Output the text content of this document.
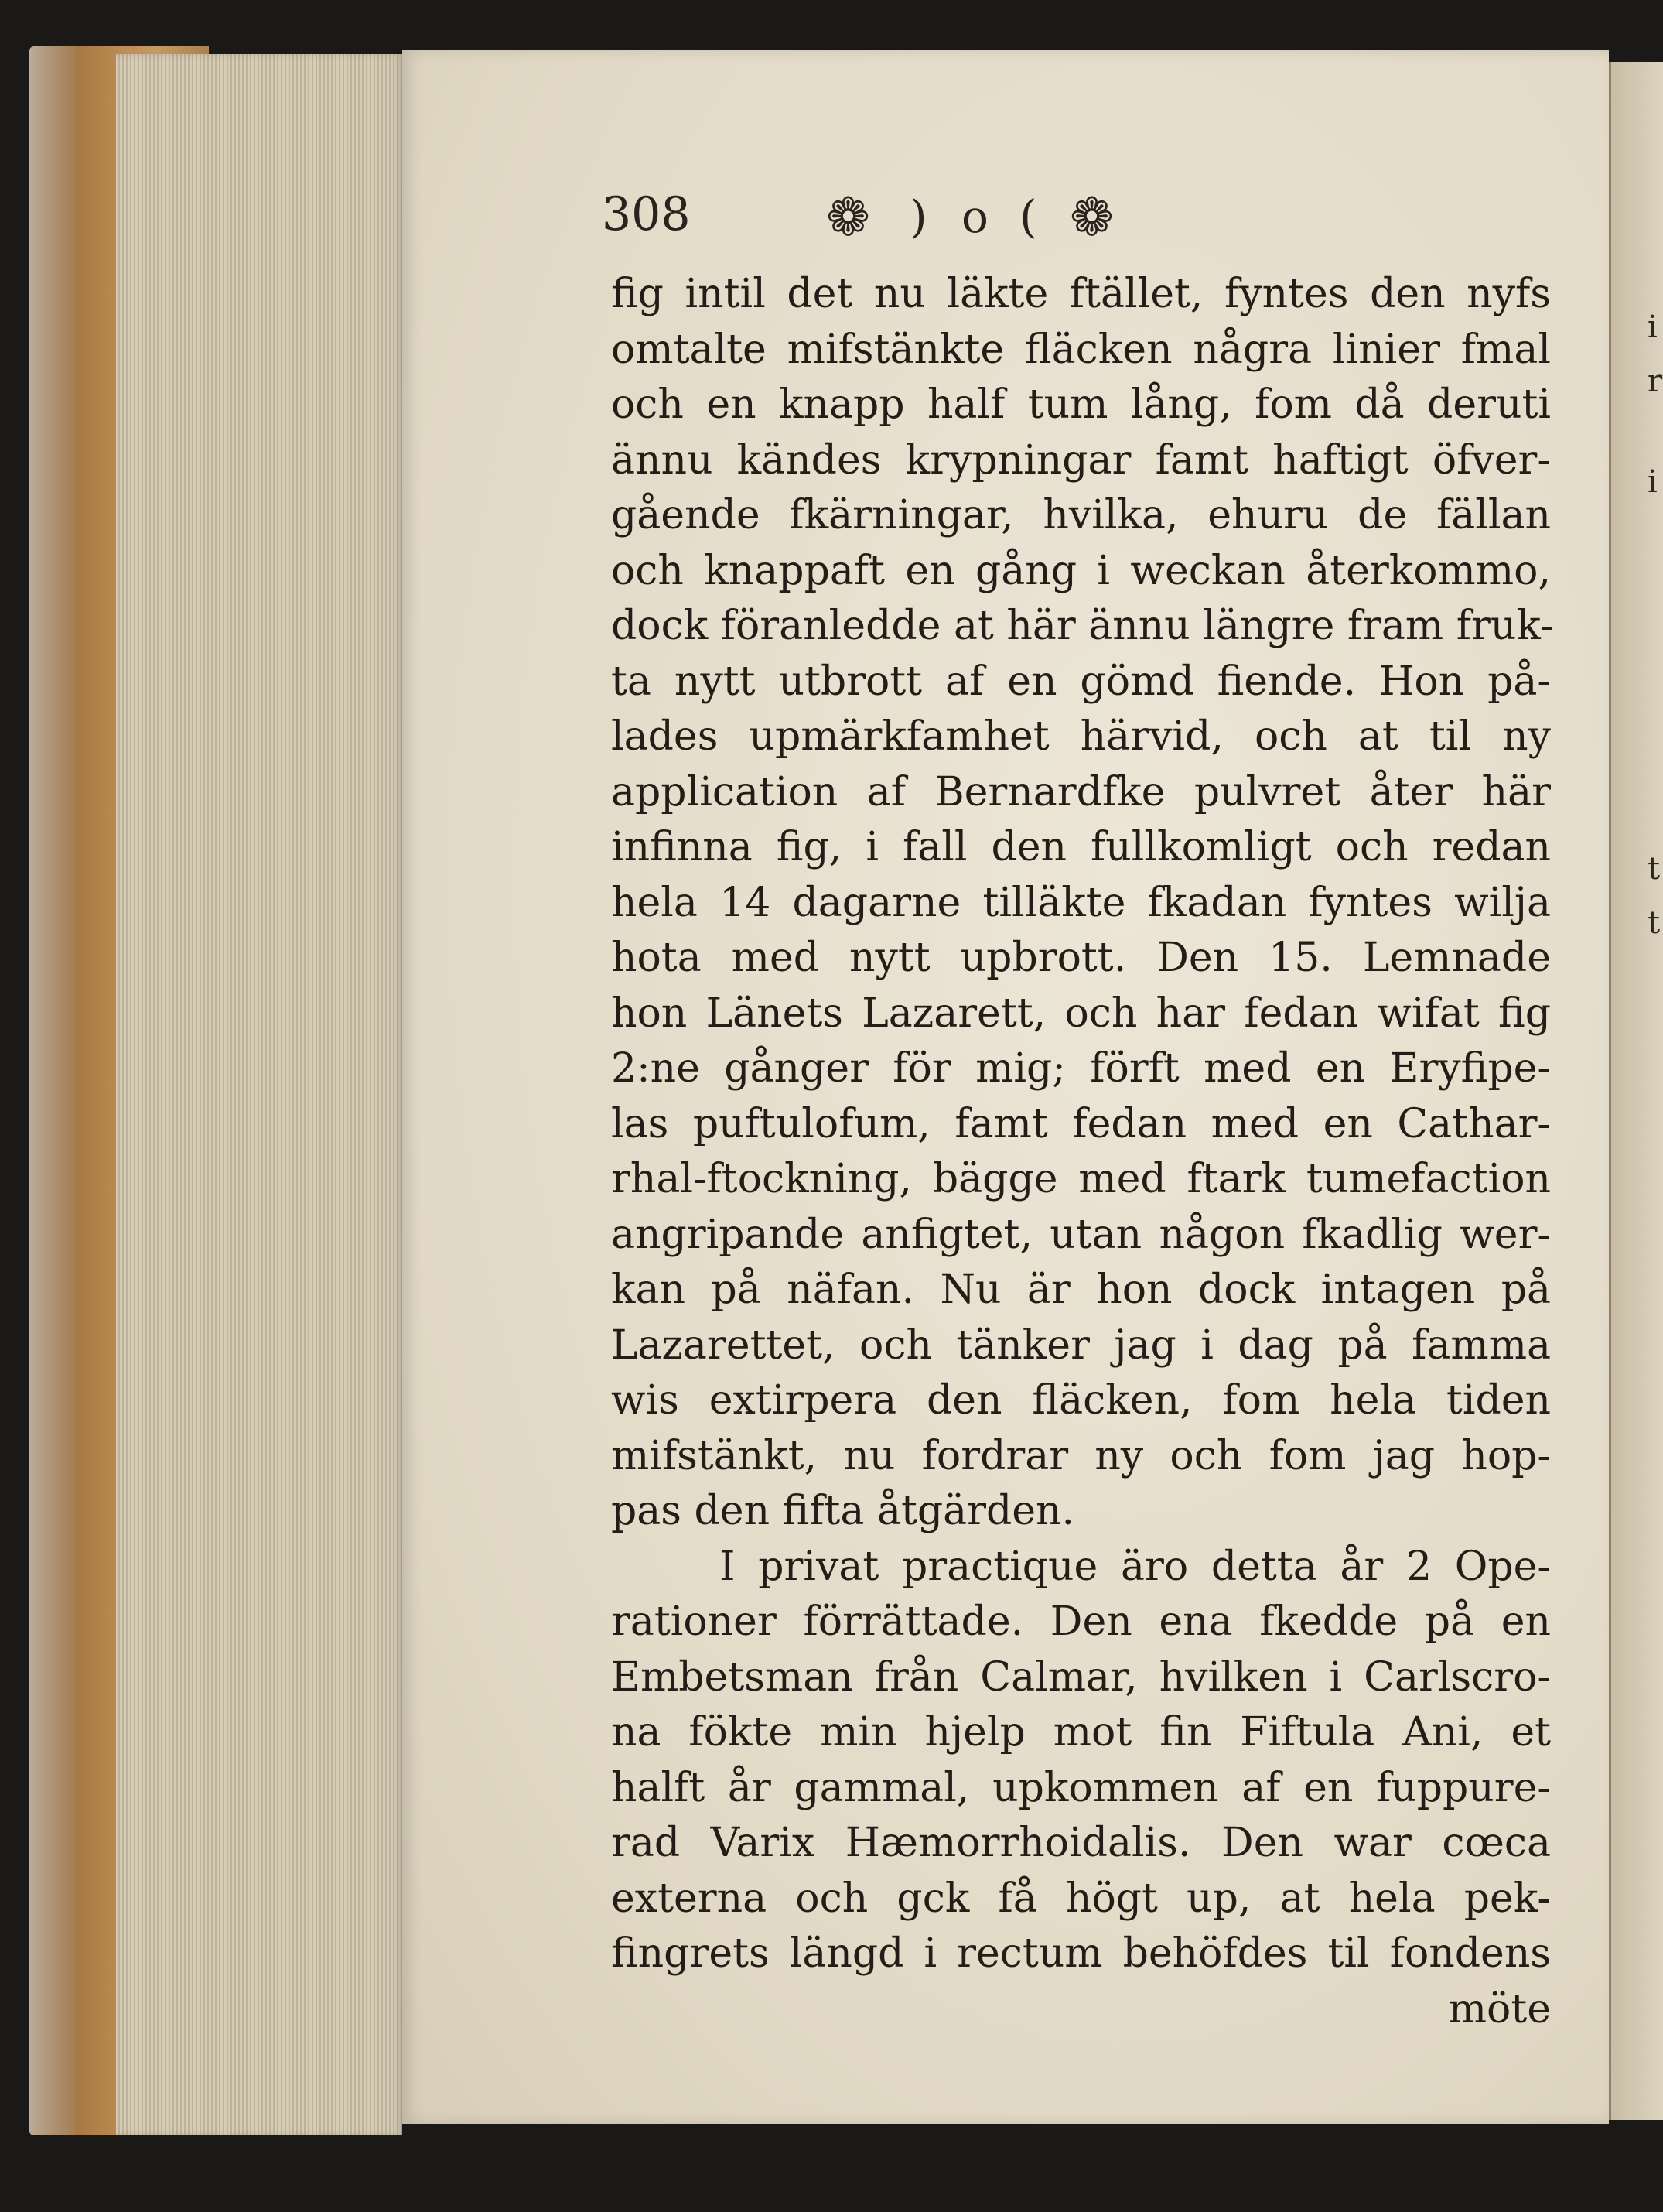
i
r
i
t
t
308	❁ ) o ( ❁
fig intil det nu läkte ftället, fyntes den nyfs
omtalte mifstänkte fläcken några linier fmal
och en knapp half tum lång, fom då deruti
ännu kändes krypningar famt haftigt öfver-
gående fkärningar, hvilka, ehuru de fällan
och knappaft en gång i weckan återkommo,
dock föranledde at här ännu längre fram fruk-
ta nytt utbrott af en gömd fiende. Hon på-
lades upmärkfamhet härvid, och at til ny
application af Bernardfke pulvret åter här
infinna fig, i fall den fullkomligt och redan
hela 14 dagarne tilläkte fkadan fyntes wilja
hota med nytt upbrott. Den 15. Lemnade
hon Länets Lazarett, och har fedan wifat fig
2:ne gånger för mig; förft med en Eryfipe-
las puftulofum, famt fedan med en Cathar-
rhal-ftockning, bägge med ftark tumefaction
angripande anfigtet, utan någon fkadlig wer-
kan på näfan. Nu är hon dock intagen på
Lazarettet, och tänker jag i dag på famma
wis extirpera den fläcken, fom hela tiden
mifstänkt, nu fordrar ny och fom jag hop-
pas den fifta åtgärden.
I privat practique äro detta år 2 Ope-
rationer förrättade. Den ena fkedde på en
Embetsman från Calmar, hvilken i Carlscro-
na fökte min hjelp mot fin Fiftula Ani, et
halft år gammal, upkommen af en fuppure-
rad Varix Hæmorrhoidalis. Den war cœca
externa och gck få högt up, at hela pek-
fingrets längd i rectum behöfdes til fondens
möte
